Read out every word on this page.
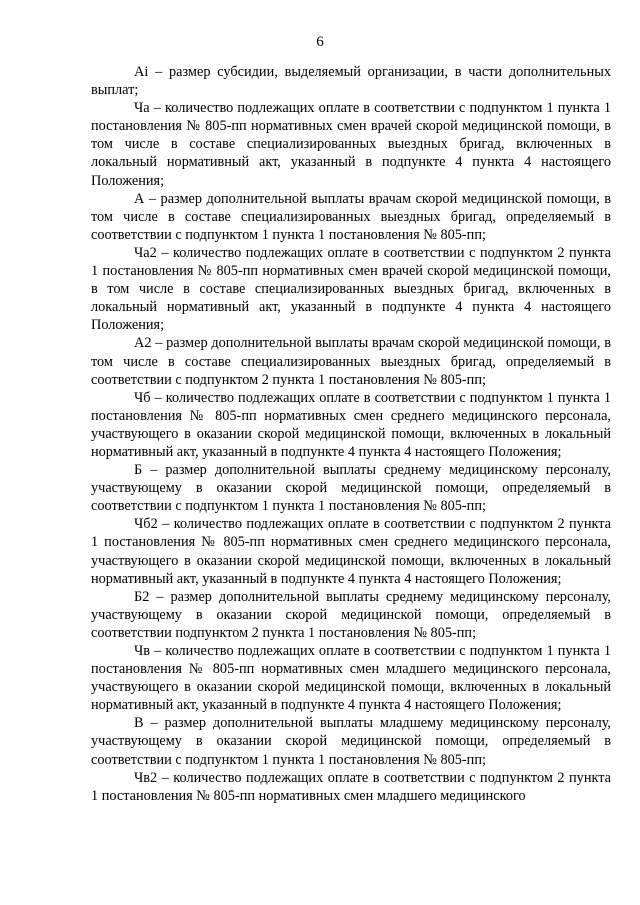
6

Аi – размер субсидии, выделяемый организации, в части дополнительных выплат;

Чa – количество подлежащих оплате в соответствии с подпунктом 1 пункта 1 постановления № 805-пп нормативных смен врачей скорой медицинской помощи, в том числе в составе специализированных выездных бригад, включенных в локальный нормативный акт, указанный в подпункте 4 пункта 4 настоящего Положения;

А – размер дополнительной выплаты врачам скорой медицинской помощи, в том числе в составе специализированных выездных бригад, определяемый в соответствии с подпунктом 1 пункта 1 постановления № 805-пп;

Ча2 – количество подлежащих оплате в соответствии с подпунктом 2 пункта 1 постановления № 805-пп нормативных смен врачей скорой медицинской помощи, в том числе в составе специализированных выездных бригад, включенных в локальный нормативный акт, указанный в подпункте 4 пункта 4 настоящего Положения;

А2 – размер дополнительной выплаты врачам скорой медицинской помощи, в том числе в составе специализированных выездных бригад, определяемый в соответствии с подпунктом 2 пункта 1 постановления № 805-пп;

Чб – количество подлежащих оплате в соответствии с подпунктом 1 пункта 1 постановления № 805-пп нормативных смен среднего медицинского персонала, участвующего в оказании скорой медицинской помощи, включенных в локальный нормативный акт, указанный в подпункте 4 пункта 4 настоящего Положения;

Б – размер дополнительной выплаты среднему медицинскому персоналу, участвующему в оказании скорой медицинской помощи, определяемый в соответствии с подпунктом 1 пункта 1 постановления № 805-пп;

Чб2 – количество подлежащих оплате в соответствии с подпунктом 2 пункта 1 постановления № 805-пп нормативных смен среднего медицинского персонала, участвующего в оказании скорой медицинской помощи, включенных в локальный нормативный акт, указанный в подпункте 4 пункта 4 настоящего Положения;

Б2 – размер дополнительной выплаты среднему медицинскому персоналу, участвующему в оказании скорой медицинской помощи, определяемый в соответствии подпунктом 2 пункта 1 постановления № 805-пп;

Чв – количество подлежащих оплате в соответствии с подпунктом 1 пункта 1 постановления № 805-пп нормативных смен младшего медицинского персонала, участвующего в оказании скорой медицинской помощи, включенных в локальный нормативный акт, указанный в подпункте 4 пункта 4 настоящего Положения;

В – размер дополнительной выплаты младшему медицинскому персоналу, участвующему в оказании скорой медицинской помощи, определяемый в соответствии с подпунктом 1 пункта 1 постановления № 805-пп;

Чв2 – количество подлежащих оплате в соответствии с подпунктом 2 пункта 1 постановления № 805-пп нормативных смен младшего медицинского
